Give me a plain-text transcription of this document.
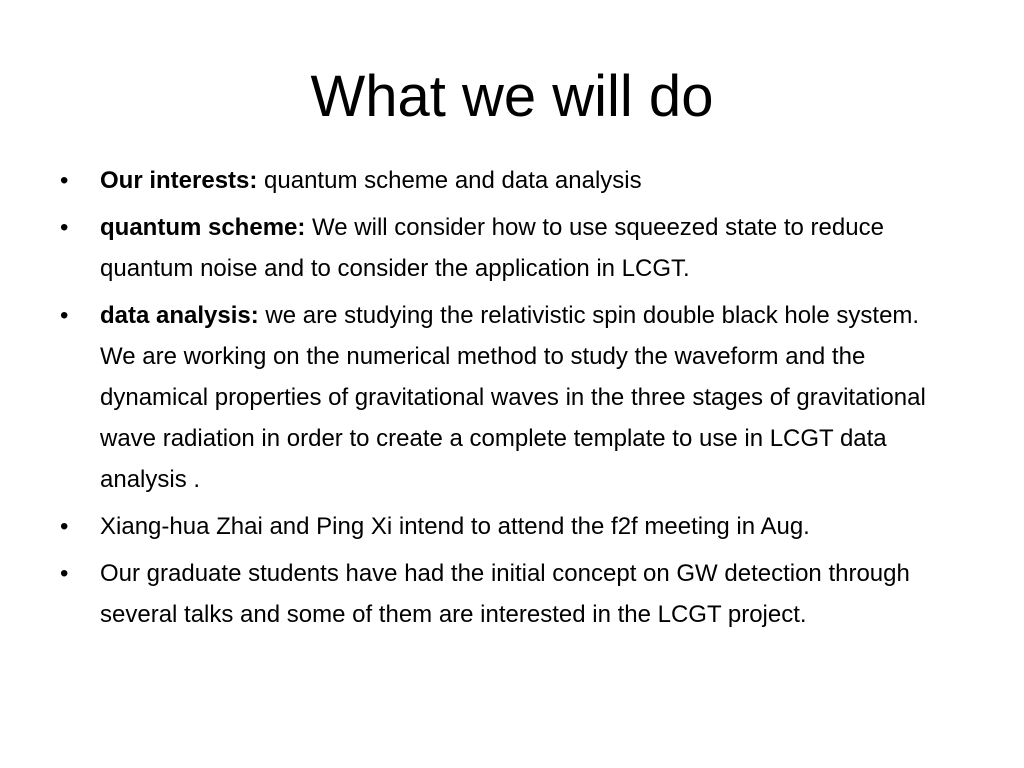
What we will do
•	Our interests: quantum scheme and data analysis
•	quantum scheme: We will consider how to use squeezed state to reduce quantum noise and to consider the application in LCGT.
•	data analysis: we are studying the relativistic spin double black hole system. We are working on the numerical method to study the waveform and the dynamical properties of gravitational waves in the three stages of gravitational wave radiation in order to create a complete template to use in LCGT data analysis .
•	Xiang-hua Zhai and Ping Xi intend to attend the f2f meeting in Aug.
•	Our graduate students have had the initial concept on GW detection through several talks and some of them are interested in the LCGT project.
